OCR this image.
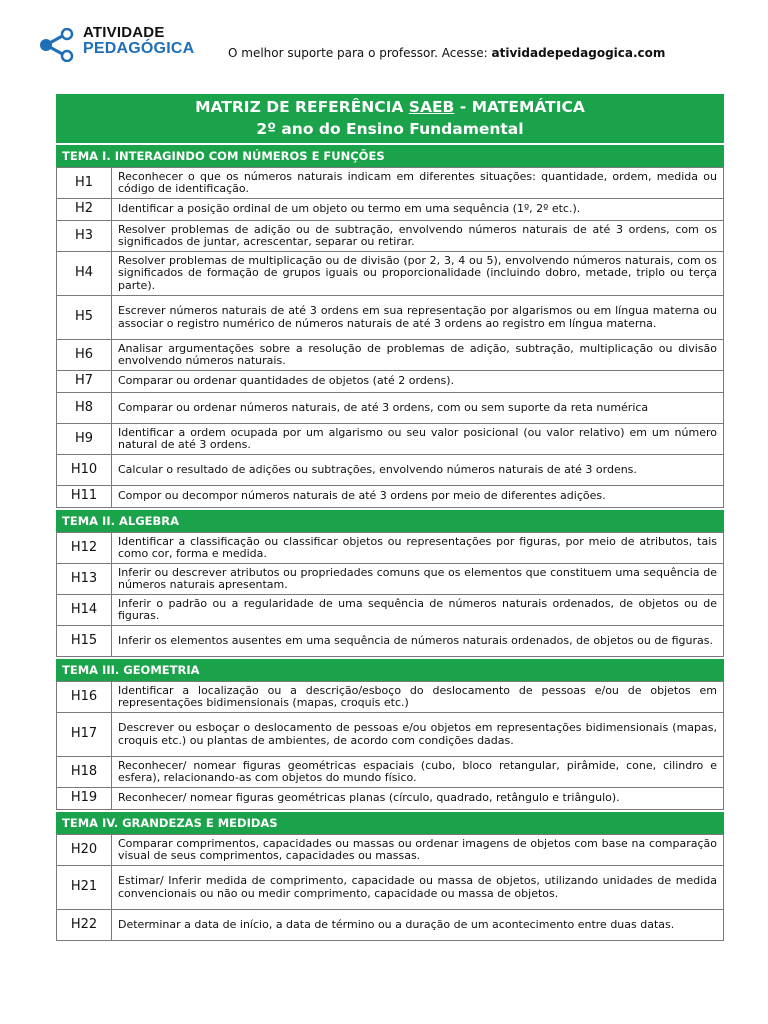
ATIVIDADE
PEDAGÓGICA	O melhor suporte para o professor. Acesse: atividadepedagogica.com
MATRIZ DE REFERÊNCIA SAEB - MATEMÁTICA
2º ano do Ensino Fundamental
TEMA I. INTERAGINDO COM NÚMEROS E FUNÇÕES
H1	Reconhecer o que os números naturais indicam em diferentes situações: quantidade, ordem, medida ou código de identificação.
H2	Identificar a posição ordinal de um objeto ou termo em uma sequência (1º, 2º etc.).
H3	Resolver problemas de adição ou de subtração, envolvendo números naturais de até 3 ordens, com os significados de juntar, acrescentar, separar ou retirar.
H4	Resolver problemas de multiplicação ou de divisão (por 2, 3, 4 ou 5), envolvendo números naturais, com os significados de formação de grupos iguais ou proporcionalidade (incluindo dobro, metade, triplo ou terça parte).
H5	Escrever números naturais de até 3 ordens em sua representação por algarismos ou em língua materna ou associar o registro numérico de números naturais de até 3 ordens ao registro em língua materna.
H6	Analisar argumentações sobre a resolução de problemas de adição, subtração, multiplicação ou divisão envolvendo números naturais.
H7	Comparar ou ordenar quantidades de objetos (até 2 ordens).
H8	Comparar ou ordenar números naturais, de até 3 ordens, com ou sem suporte da reta numérica
H9	Identificar a ordem ocupada por um algarismo ou seu valor posicional (ou valor relativo) em um número natural de até 3 ordens.
H10	Calcular o resultado de adições ou subtrações, envolvendo números naturais de até 3 ordens.
H11	Compor ou decompor números naturais de até 3 ordens por meio de diferentes adições.
TEMA II. ALGEBRA
H12	Identificar a classificação ou classificar objetos ou representações por figuras, por meio de atributos, tais como cor, forma e medida.
H13	Inferir ou descrever atributos ou propriedades comuns que os elementos que constituem uma sequência de números naturais apresentam.
H14	Inferir o padrão ou a regularidade de uma sequência de números naturais ordenados, de objetos ou de figuras.
H15	Inferir os elementos ausentes em uma sequência de números naturais ordenados, de objetos ou de figuras.
TEMA III. GEOMETRIA
H16	Identificar a localização ou a descrição/esboço do deslocamento de pessoas e/ou de objetos em representações bidimensionais (mapas, croquis etc.)
H17	Descrever ou esboçar o deslocamento de pessoas e/ou objetos em representações bidimensionais (mapas, croquis etc.) ou plantas de ambientes, de acordo com condições dadas.
H18	Reconhecer/ nomear figuras geométricas espaciais (cubo, bloco retangular, pirâmide, cone, cilindro e esfera), relacionando-as com objetos do mundo físico.
H19	Reconhecer/ nomear figuras geométricas planas (círculo, quadrado, retângulo e triângulo).
TEMA IV. GRANDEZAS E MEDIDAS
H20	Comparar comprimentos, capacidades ou massas ou ordenar imagens de objetos com base na comparação visual de seus comprimentos, capacidades ou massas.
H21	Estimar/ Inferir medida de comprimento, capacidade ou massa de objetos, utilizando unidades de medida convencionais ou não ou medir comprimento, capacidade ou massa de objetos.
H22	Determinar a data de início, a data de término ou a duração de um acontecimento entre duas datas.
